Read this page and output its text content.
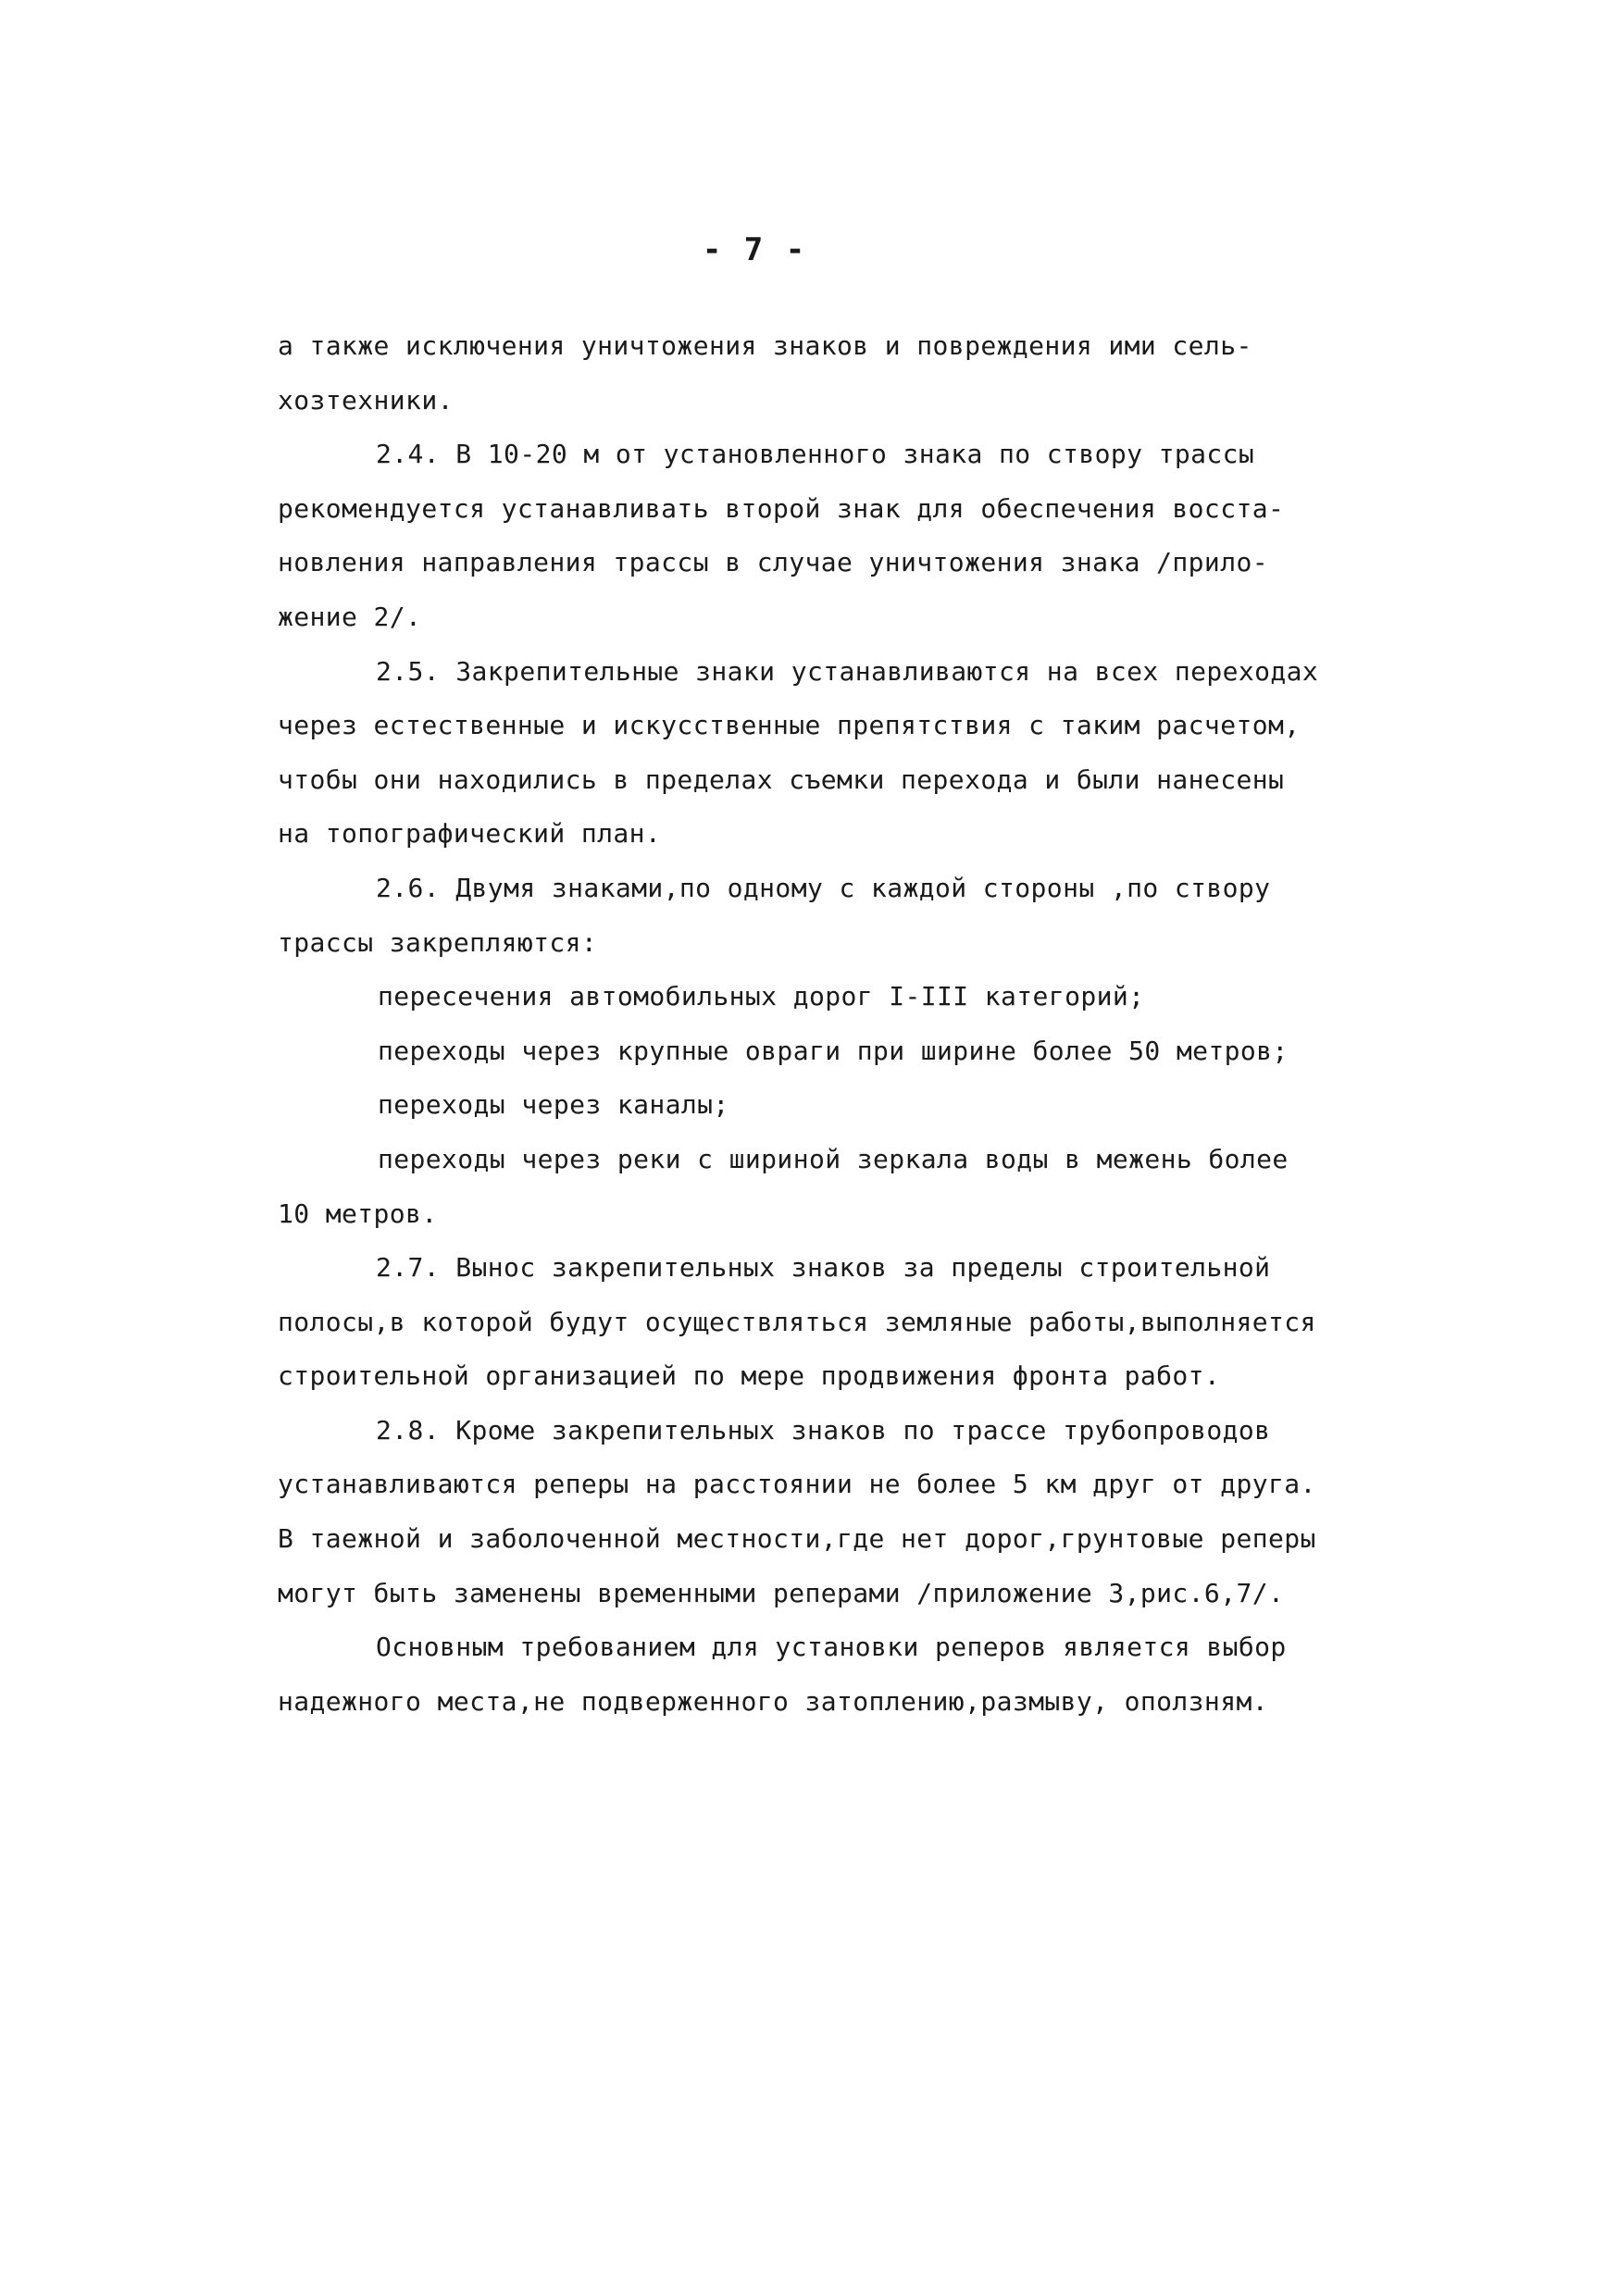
- 7 -
а также исключения уничтожения знаков и повреждения ими сель-
хозтехники.
2.4. В 10-20 м от установленного знака по створу трассы
рекомендуется устанавливать второй знак для обеспечения восста-
новления направления трассы в случае уничтожения знака /прило-
жение 2/.
2.5. Закрепительные знаки устанавливаются на всех переходах
через естественные и искусственные препятствия с таким расчетом,
чтобы они находились в пределах съемки перехода и были нанесены
на топографический план.
2.6. Двумя знаками,по одному с каждой стороны ,по створу
трассы закрепляются:
пересечения автомобильных дорог I-III категорий;
переходы через крупные овраги при ширине более 50 метров;
переходы через каналы;
переходы через реки с шириной зеркала воды в межень более
10 метров.
2.7. Вынос закрепительных знаков за пределы строительной
полосы,в которой будут осуществляться земляные работы,выполняется
строительной организацией по мере продвижения фронта работ.
2.8. Кроме закрепительных знаков по трассе трубопроводов
устанавливаются реперы на расстоянии не более 5 км друг от друга.
В таежной и заболоченной местности,где нет дорог,грунтовые реперы
могут быть заменены временными реперами /приложение 3,рис.6,7/.
Основным требованием для установки реперов является выбор
надежного места,не подверженного затоплению,размыву, оползням.
